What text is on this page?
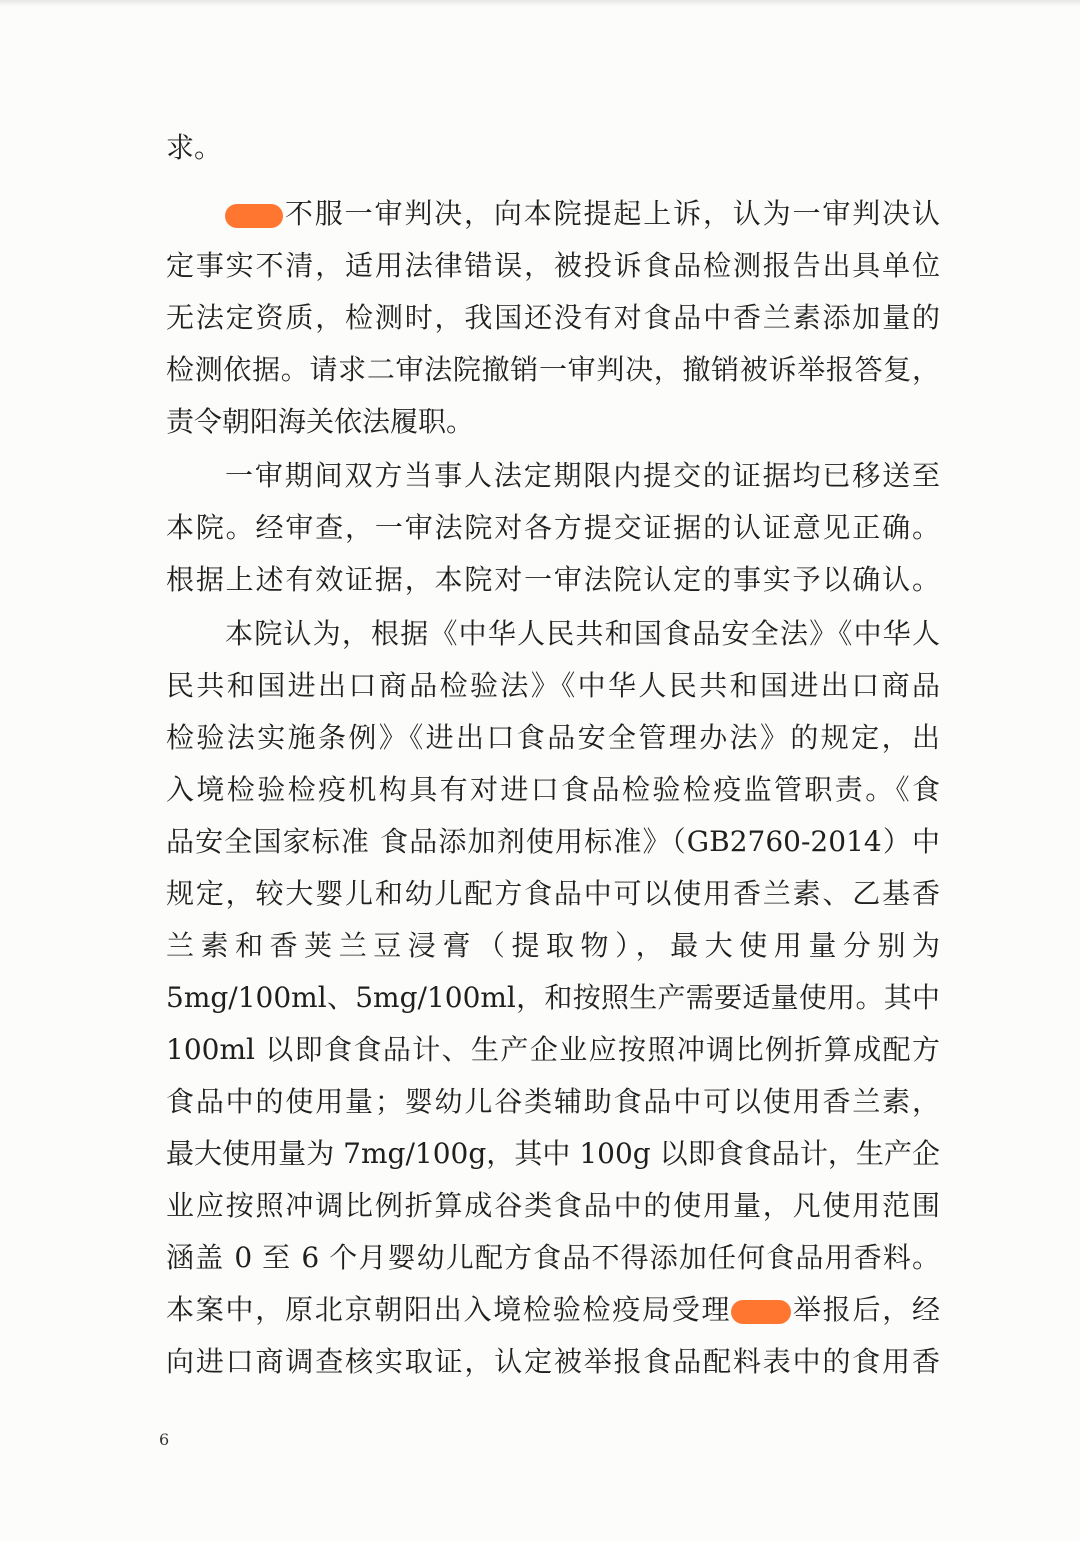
求。
不服一审判决，向本院提起上诉，认为一审判决认
定事实不清，适用法律错误，被投诉食品检测报告出具单位
无法定资质，检测时，我国还没有对食品中香兰素添加量的
检测依据。请求二审法院撤销一审判决，撤销被诉举报答复，
责令朝阳海关依法履职。
一审期间双方当事人法定期限内提交的证据均已移送至
本院。经审查，一审法院对各方提交证据的认证意见正确。
根据上述有效证据，本院对一审法院认定的事实予以确认。
本院认为，根据《中华人民共和国食品安全法》《中华人
民共和国进出口商品检验法》《中华人民共和国进出口商品
检验法实施条例》《进出口食品安全管理办法》的规定，出
入境检验检疫机构具有对进口食品检验检疫监管职责。《食
品安全国家标准 食品添加剂使用标准》（GB2760-2014）中
规定，较大婴儿和幼儿配方食品中可以使用香兰素、乙基香
兰素和香荚兰豆浸膏（提取物），最大使用量分别为
5mg/100ml、5mg/100ml，和按照生产需要适量使用。其中
100ml 以即食食品计、生产企业应按照冲调比例折算成配方
食品中的使用量；婴幼儿谷类辅助食品中可以使用香兰素，
最大使用量为 7mg/100g，其中 100g 以即食食品计，生产企
业应按照冲调比例折算成谷类食品中的使用量，凡使用范围
涵盖 0 至 6 个月婴幼儿配方食品不得添加任何食品用香料。
本案中，原北京朝阳出入境检验检疫局受理 举报后，经
向进口商调查核实取证，认定被举报食品配料表中的食用香
6
